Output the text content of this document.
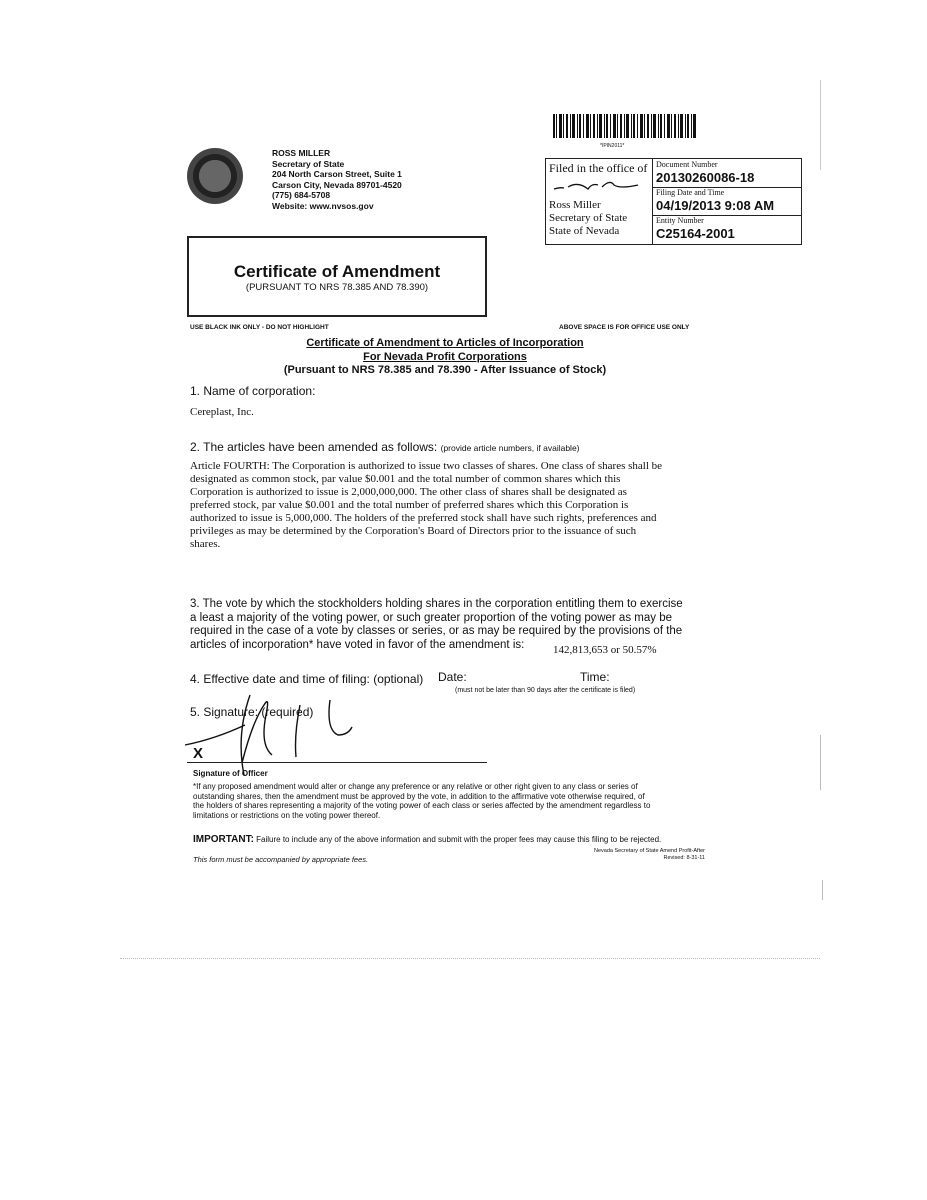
*IPIN2011*
ROSS MILLER
Secretary of State
204 North Carson Street, Suite 1
Carson City, Nevada 89701-4520
(775) 684-5708
Website: www.nvsos.gov
Filed in the office of
Ross Miller
Secretary of State
State of Nevada
Document Number
20130260086-18
Filing Date and Time
04/19/2013 9:08 AM
Entity Number
C25164-2001
Certificate of Amendment
(PURSUANT TO NRS 78.385 AND 78.390)
USE BLACK INK ONLY - DO NOT HIGHLIGHT	ABOVE SPACE IS FOR OFFICE USE ONLY
Certificate of Amendment to Articles of Incorporation
For Nevada Profit Corporations
(Pursuant to NRS 78.385 and 78.390 - After Issuance of Stock)
1. Name of corporation:
Cereplast, Inc.
2. The articles have been amended as follows: (provide article numbers, if available)
Article FOURTH: The Corporation is authorized to issue two classes of shares. One class of shares shall be
designated as common stock, par value $0.001 and the total number of common shares which this
Corporation is authorized to issue is 2,000,000,000. The other class of shares shall be designated as
preferred stock, par value $0.001 and the total number of preferred shares which this Corporation is
authorized to issue is 5,000,000. The holders of the preferred stock shall have such rights, preferences and
privileges as may be determined by the Corporation's Board of Directors prior to the issuance of such
shares.
3. The vote by which the stockholders holding shares in the corporation entitling them to exercise
a least a majority of the voting power, or such greater proportion of the voting power as may be
required in the case of a vote by classes or series, or as may be required by the provisions of the
articles of incorporation* have voted in favor of the amendment is:	142,813,653 or 50.57%
4. Effective date and time of filing: (optional) Date:	Time:
(must not be later than 90 days after the certificate is filed)
5. Signature: (required)
X
Signature of Officer
*If any proposed amendment would alter or change any preference or any relative or other right given to any class or series of
outstanding shares, then the amendment must be approved by the vote, in addition to the affirmative vote otherwise required, of
the holders of shares representing a majority of the voting power of each class or series affected by the amendment regardless to
limitations or restrictions on the voting power thereof.
IMPORTANT: Failure to include any of the above information and submit with the proper fees may cause this filing to be rejected.
This form must be accompanied by appropriate fees.
Nevada Secretary of State Amend Profit-After
Revised: 8-31-11
